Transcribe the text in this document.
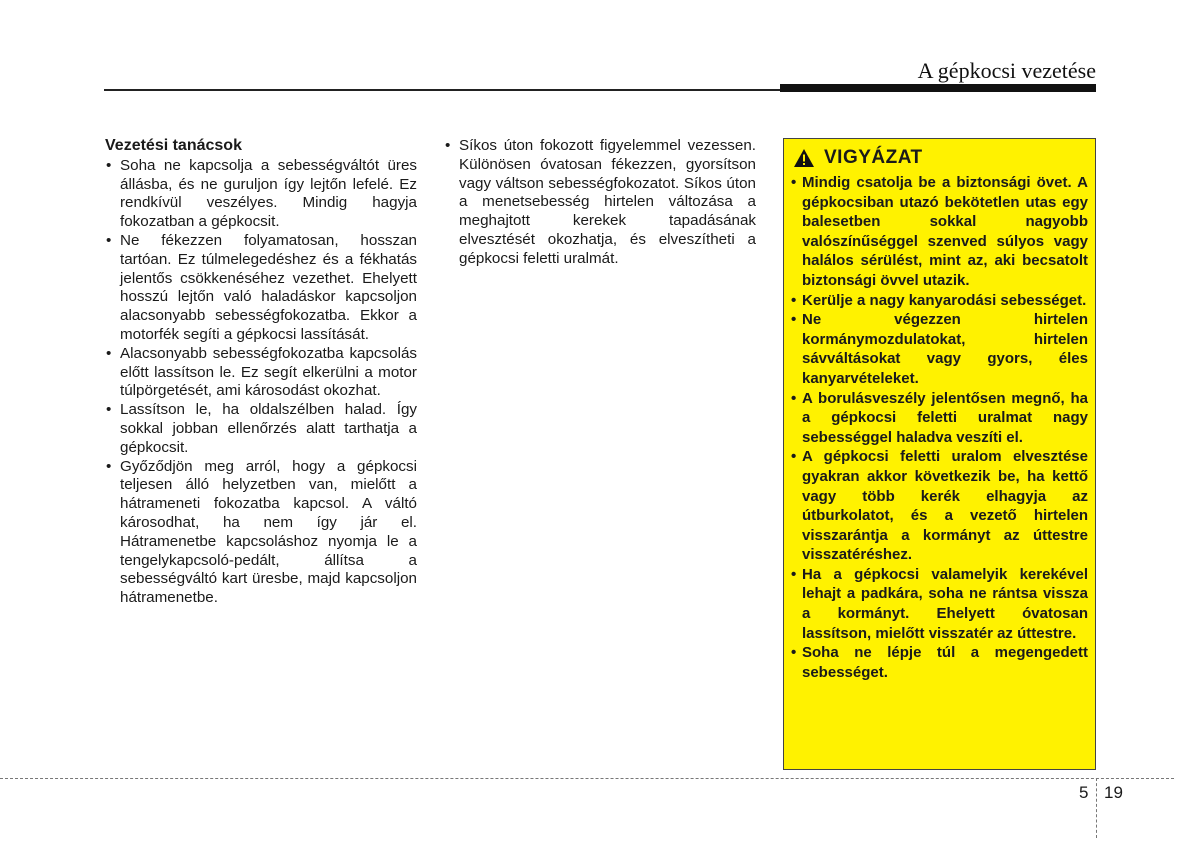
A gépkocsi vezetése
Vezetési tanácsok
• Soha ne kapcsolja a sebességváltót üres állásba, és ne guruljon így lejtőn lefelé. Ez rendkívül veszélyes. Mindig hagyja fokozatban a gépkocsit.
• Ne fékezzen folyamatosan, hosszan tartóan. Ez túlmelegedéshez és a fékhatás jelentős csökkenéséhez vezethet. Ehelyett hosszú lejtőn való haladáskor kapcsoljon alacsonyabb sebességfokozatba. Ekkor a motorfék segíti a gépkocsi lassítását.
• Alacsonyabb sebességfokozatba kapcsolás előtt lassítson le. Ez segít elkerülni a motor túlpörgetését, ami károsodást okozhat.
• Lassítson le, ha oldalszélben halad. Így sokkal jobban ellenőrzés alatt tarthatja a gépkocsit.
• Győződjön meg arról, hogy a gépkocsi teljesen álló helyzetben van, mielőtt a hátrameneti fokozatba kapcsol. A váltó károsodhat, ha nem így jár el. Hátramenetbe kapcsoláshoz nyomja le a tengelykapcsoló-pedált, állítsa a sebességváltó kart üresbe, majd kapcsoljon hátramenetbe.
• Síkos úton fokozott figyelemmel vezessen. Különösen óvatosan fékezzen, gyorsítson vagy váltson sebességfokozatot. Síkos úton a menetsebesség hirtelen változása a meghajtott kerekek tapadásának elvesztését okozhatja, és elveszítheti a gépkocsi feletti uralmát.
VIGYÁZAT
• Mindig csatolja be a biztonsági övet. A gépkocsiban utazó bekötetlen utas egy balesetben sokkal nagyobb valószínűséggel szenved súlyos vagy halálos sérülést, mint az, aki becsatolt biztonsági övvel utazik.
• Kerülje a nagy kanyarodási sebességet.
• Ne végezzen hirtelen kormánymozdulatokat, hirtelen sávváltásokat vagy gyors, éles kanyarvételeket.
• A borulásveszély jelentősen megnő, ha a gépkocsi feletti uralmat nagy sebességgel haladva veszíti el.
• A gépkocsi feletti uralom elvesztése gyakran akkor következik be, ha kettő vagy több kerék elhagyja az útburkolatot, és a vezető hirtelen visszarántja a kormányt az úttestre visszatéréshez.
• Ha a gépkocsi valamelyik kerekével lehajt a padkára, soha ne rántsa vissza a kormányt. Ehelyett óvatosan lassítson, mielőtt visszatér az úttestre.
• Soha ne lépje túl a megengedett sebességet.
5 19
